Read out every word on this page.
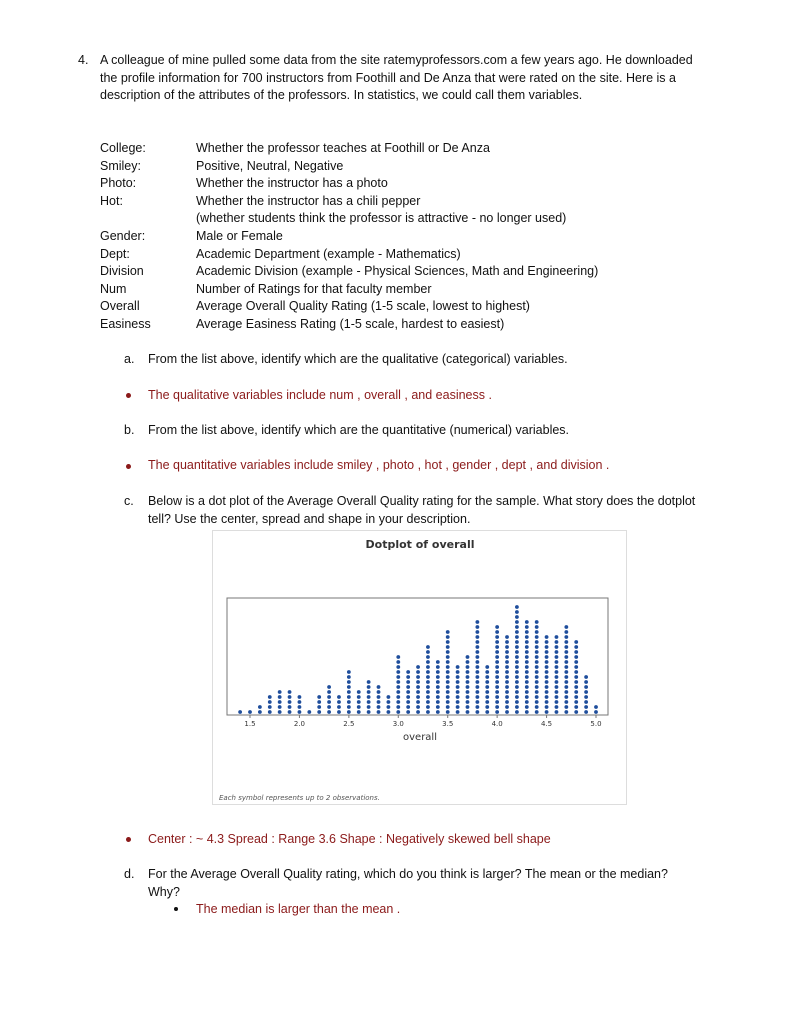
4. A colleague of mine pulled some data from the site ratemyprofessors.com a few years ago. He downloaded
the profile information for 700 instructors from Foothill and De Anza that were rated on the site. Here is a
description of the attributes of the professors. In statistics, we could call them variables.
College:	Whether the professor teaches at Foothill or De Anza
Smiley:	Positive, Neutral, Negative
Photo:	Whether the instructor has a photo
Hot:	Whether the instructor has a chili pepper
(whether students think the professor is attractive - no longer used)
Gender:	Male or Female
Dept:	Academic Department (example - Mathematics)
Division	Academic Division (example - Physical Sciences, Math and Engineering)
Num	Number of Ratings for that faculty member
Overall	Average Overall Quality Rating (1-5 scale, lowest to highest)
Easiness	Average Easiness Rating (1-5 scale, hardest to easiest)
a. From the list above, identify which are the qualitative (categorical) variables.
The qualitative variables include num , overall , and easiness .
b. From the list above, identify which are the quantitative (numerical) variables.
The quantitative variables include smiley , photo , hot , gender , dept , and division .
c. Below is a dot plot of the Average Overall Quality rating for the sample. What story does the dotplot
tell? Use the center, spread and shape in your description.
Dotplot of overall
1.5	2.0	2.5	3.0	3.5	4.0	4.5	5.0
overall
Each symbol represents up to 2 observations.
Center : ~ 4.3 Spread : Range 3.6 Shape : Negatively skewed bell shape
d. For the Average Overall Quality rating, which do you think is larger? The mean or the median?
Why?
The median is larger than the mean .
